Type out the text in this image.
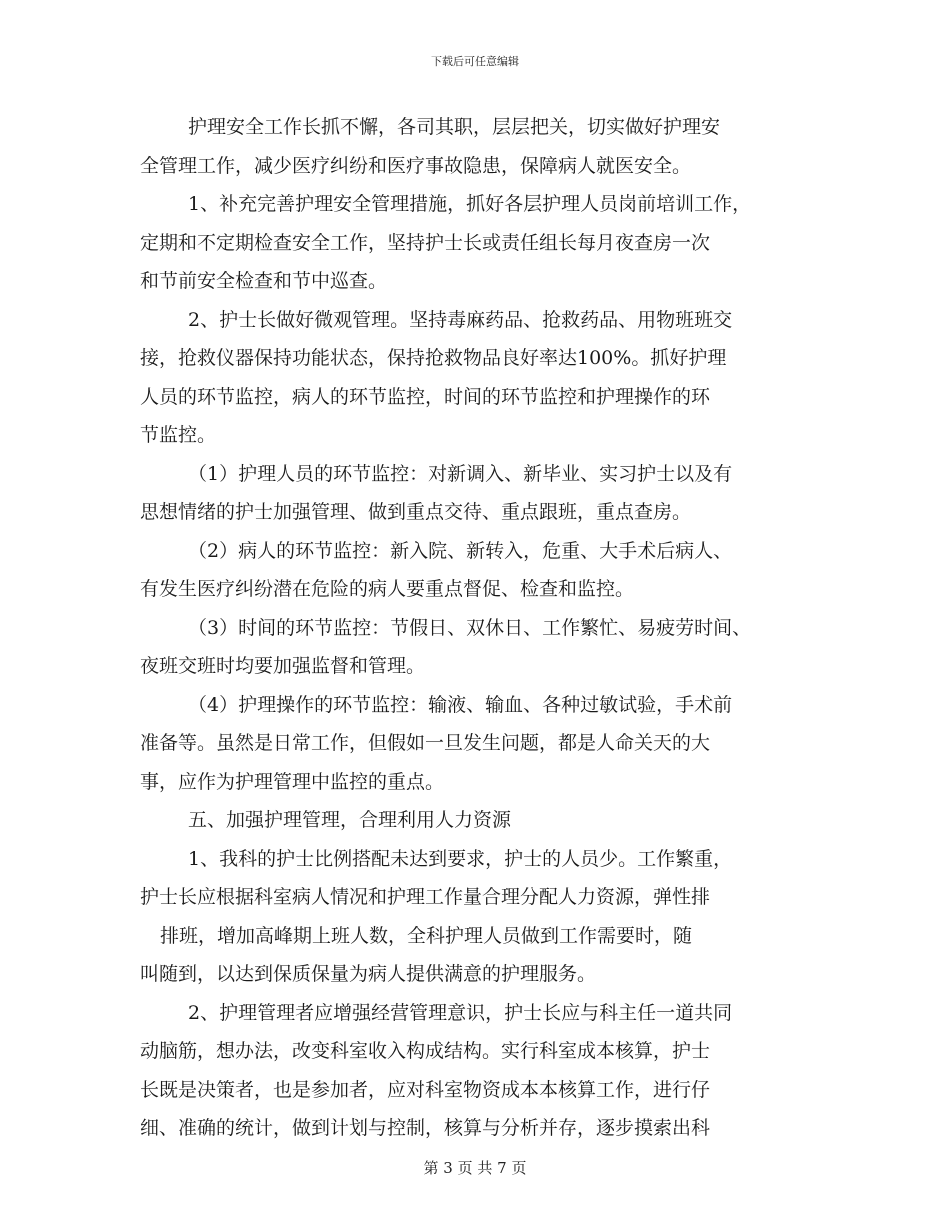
下载后可任意编辑
护理安全工作长抓不懈，各司其职，层层把关，切实做好护理安
全管理工作，减少医疗纠纷和医疗事故隐患，保障病人就医安全。
1、补充完善护理安全管理措施，抓好各层护理人员岗前培训工作，
定期和不定期检查安全工作，坚持护士长或责任组长每月夜查房一次
和节前安全检查和节中巡查。
2、护士长做好微观管理。坚持毒麻药品、抢救药品、用物班班交
接，抢救仪器保持功能状态，保持抢救物品良好率达100%。抓好护理
人员的环节监控，病人的环节监控，时间的环节监控和护理操作的环
节监控。
（1）护理人员的环节监控：对新调入、新毕业、实习护士以及有
思想情绪的护士加强管理、做到重点交待、重点跟班，重点查房。
（2）病人的环节监控：新入院、新转入，危重、大手术后病人、
有发生医疗纠纷潜在危险的病人要重点督促、检查和监控。
（3）时间的环节监控：节假日、双休日、工作繁忙、易疲劳时间、
夜班交班时均要加强监督和管理。
（4）护理操作的环节监控：输液、输血、各种过敏试验，手术前
准备等。虽然是日常工作，但假如一旦发生问题，都是人命关天的大
事，应作为护理管理中监控的重点。
五、加强护理管理，合理利用人力资源
1、我科的护士比例搭配未达到要求，护士的人员少。工作繁重，
护士长应根据科室病人情况和护理工作量合理分配人力资源，弹性排
排班，增加高峰期上班人数，全科护理人员做到工作需要时，随
叫随到，以达到保质保量为病人提供满意的护理服务。
2、护理管理者应增强经营管理意识，护士长应与科主任一道共同
动脑筋，想办法，改变科室收入构成结构。实行科室成本核算，护士
长既是决策者，也是参加者，应对科室物资成本本核算工作，进行仔
细、准确的统计，做到计划与控制，核算与分析并存，逐步摸索出科
第 3 页 共 7 页
